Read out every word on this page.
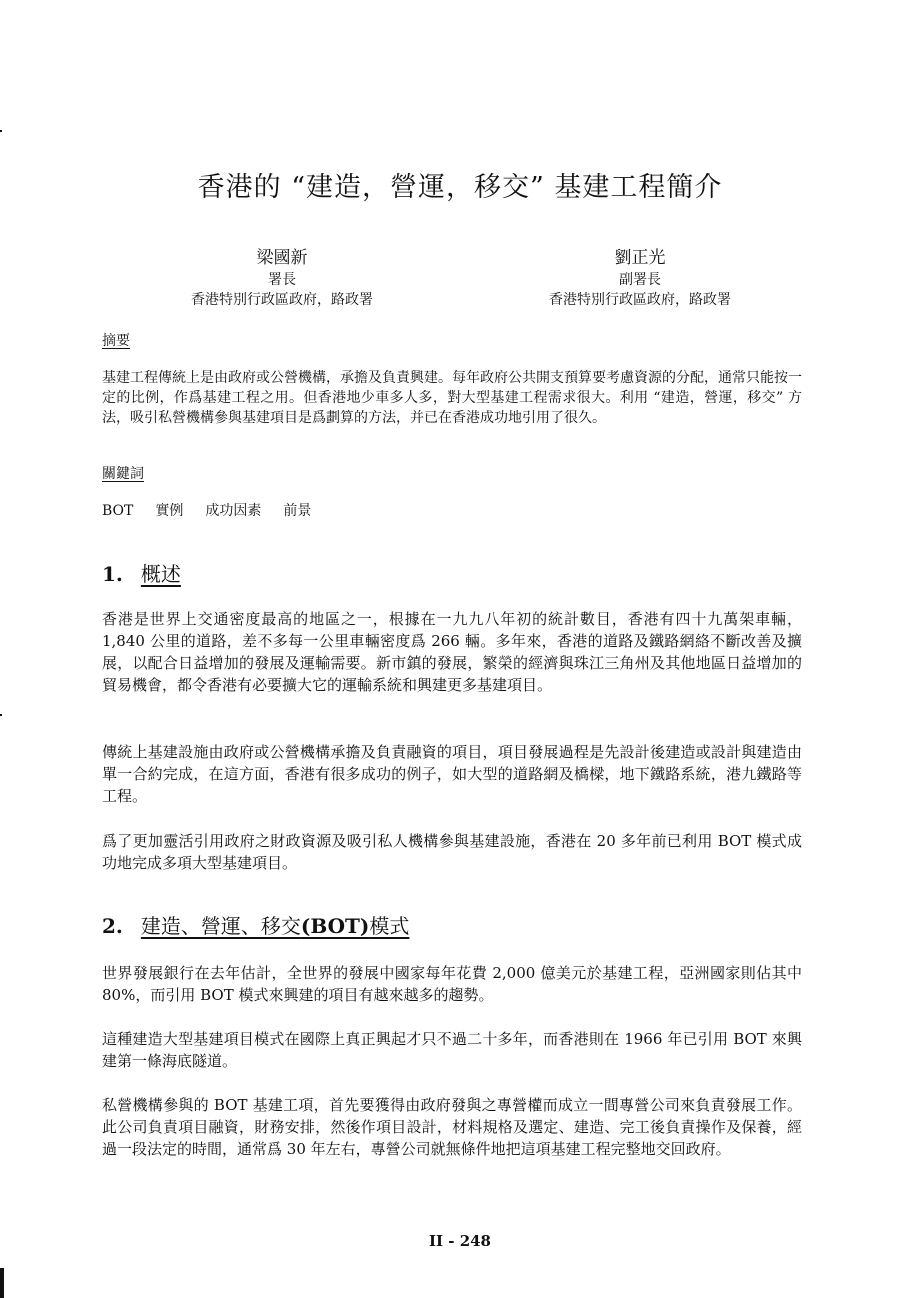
香港的 “建造，營運，移交” 基建工程簡介
梁國新
署長
香港特別行政區政府，路政署
劉正光
副署長
香港特別行政區政府，路政署
摘要
基建工程傳統上是由政府或公營機構，承擔及負責興建。每年政府公共開支預算要考慮資源的分配，通常只能按一定的比例，作爲基建工程之用。但香港地少車多人多，對大型基建工程需求很大。利用 “建造，營運，移交” 方法，吸引私營機構參與基建項目是爲劃算的方法，并已在香港成功地引用了很久。
關鍵詞
BOT 實例 成功因素 前景
1. 概述
香港是世界上交通密度最高的地區之一，根據在一九九八年初的統計數目，香港有四十九萬架車輛，1,840 公里的道路，差不多每一公里車輛密度爲 266 輛。多年來，香港的道路及鐵路網絡不斷改善及擴展，以配合日益增加的發展及運輸需要。新市鎮的發展，繁榮的經濟與珠江三角州及其他地區日益增加的貿易機會，都令香港有必要擴大它的運輸系統和興建更多基建項目。
傳統上基建設施由政府或公營機構承擔及負責融資的項目，項目發展過程是先設計後建造或設計與建造由單一合約完成，在這方面，香港有很多成功的例子，如大型的道路網及橋樑，地下鐵路系統，港九鐵路等工程。
爲了更加靈活引用政府之財政資源及吸引私人機構參與基建設施，香港在 20 多年前已利用 BOT 模式成功地完成多項大型基建項目。
2. 建造、營運、移交(BOT)模式
世界發展銀行在去年估計，全世界的發展中國家每年花費 2,000 億美元於基建工程，亞洲國家則佔其中 80%，而引用 BOT 模式來興建的項目有越來越多的趨勢。
這種建造大型基建項目模式在國際上真正興起才只不過二十多年，而香港則在 1966 年已引用 BOT 來興建第一條海底隧道。
私營機構參與的 BOT 基建工項，首先要獲得由政府發與之專營權而成立一間專營公司來負責發展工作。此公司負責項目融資，財務安排，然後作項目設計，材料規格及選定、建造、完工後負責操作及保養，經過一段法定的時間，通常爲 30 年左右，專營公司就無條件地把這項基建工程完整地交回政府。
II - 248
